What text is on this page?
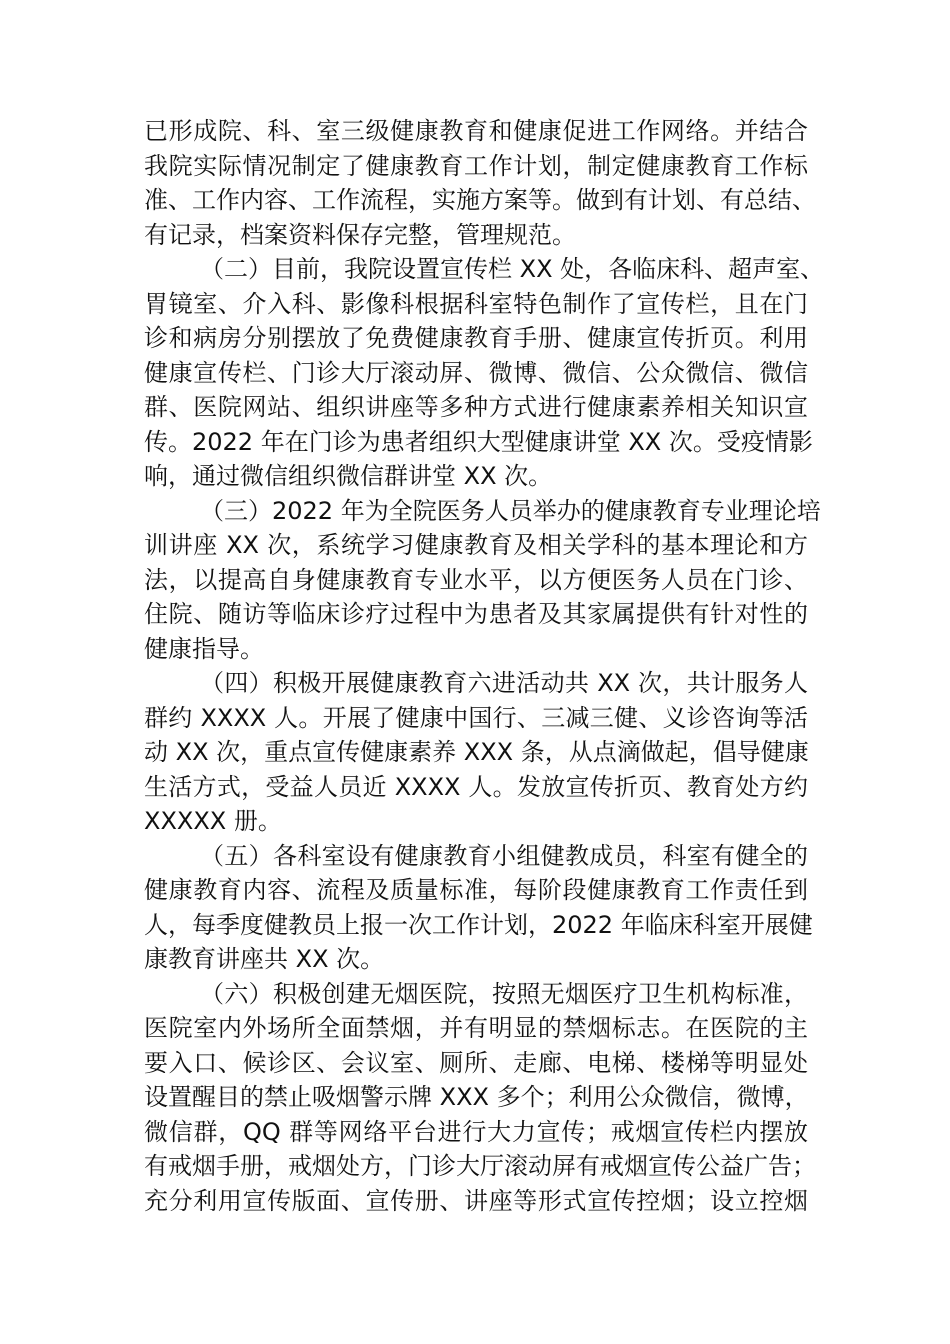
已形成院、科、室三级健康教育和健康促进工作网络。并结合
我院实际情况制定了健康教育工作计划，制定健康教育工作标
准、工作内容、工作流程，实施方案等。做到有计划、有总结、
有记录，档案资料保存完整，管理规范。
（二）目前，我院设置宣传栏 XX 处，各临床科、超声室、
胃镜室、介入科、影像科根据科室特色制作了宣传栏，且在门
诊和病房分别摆放了免费健康教育手册、健康宣传折页。利用
健康宣传栏、门诊大厅滚动屏、微博、微信、公众微信、微信
群、医院网站、组织讲座等多种方式进行健康素养相关知识宣
传。2022 年在门诊为患者组织大型健康讲堂 XX 次。受疫情影
响，通过微信组织微信群讲堂 XX 次。
（三）2022 年为全院医务人员举办的健康教育专业理论培
训讲座 XX 次，系统学习健康教育及相关学科的基本理论和方
法，以提高自身健康教育专业水平，以方便医务人员在门诊、
住院、随访等临床诊疗过程中为患者及其家属提供有针对性的
健康指导。
（四）积极开展健康教育六进活动共 XX 次，共计服务人
群约 XXXX 人。开展了健康中国行、三减三健、义诊咨询等活
动 XX 次，重点宣传健康素养 XXX 条，从点滴做起，倡导健康
生活方式，受益人员近 XXXX 人。发放宣传折页、教育处方约
XXXXX 册。
（五）各科室设有健康教育小组健教成员，科室有健全的
健康教育内容、流程及质量标准，每阶段健康教育工作责任到
人，每季度健教员上报一次工作计划，2022 年临床科室开展健
康教育讲座共 XX 次。
（六）积极创建无烟医院，按照无烟医疗卫生机构标准，
医院室内外场所全面禁烟，并有明显的禁烟标志。在医院的主
要入口、候诊区、会议室、厕所、走廊、电梯、楼梯等明显处
设置醒目的禁止吸烟警示牌 XXX 多个；利用公众微信，微博，
微信群，QQ 群等网络平台进行大力宣传；戒烟宣传栏内摆放
有戒烟手册，戒烟处方，门诊大厅滚动屏有戒烟宣传公益广告；
充分利用宣传版面、宣传册、讲座等形式宣传控烟；设立控烟
